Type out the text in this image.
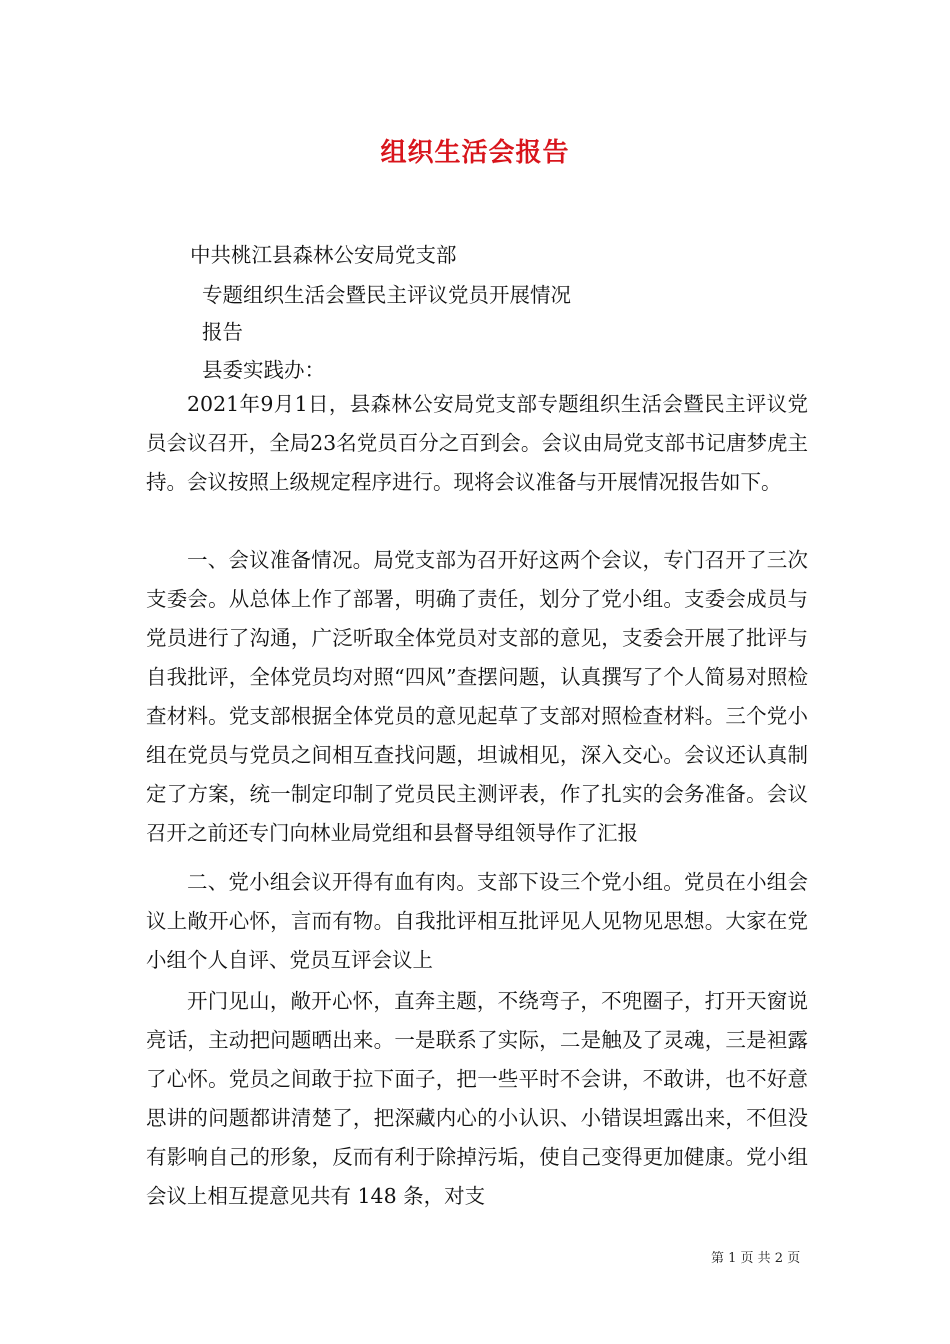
组织生活会报告
中共桃江县森林公安局党支部
专题组织生活会暨民主评议党员开展情况
报告
县委实践办：

2021年9月1日，县森林公安局党支部专题组织生活会暨民主评议党员会议召开，全局23名党员百分之百到会。会议由局党支部书记唐梦虎主持。会议按照上级规定程序进行。现将会议准备与开展情况报告如下。

一、会议准备情况。局党支部为召开好这两个会议，专门召开了三次支委会。从总体上作了部署，明确了责任，划分了党小组。支委会成员与党员进行了沟通，广泛听取全体党员对支部的意见，支委会开展了批评与自我批评，全体党员均对照“四风”查摆问题，认真撰写了个人简易对照检查材料。党支部根据全体党员的意见起草了支部对照检查材料。三个党小组在党员与党员之间相互查找问题，坦诚相见，深入交心。会议还认真制定了方案，统一制定印制了党员民主测评表，作了扎实的会务准备。会议召开之前还专门向林业局党组和县督导组领导作了汇报

二、党小组会议开得有血有肉。支部下设三个党小组。党员在小组会议上敞开心怀，言而有物。自我批评相互批评见人见物见思想。大家在党小组个人自评、党员互评会议上

开门见山，敞开心怀，直奔主题，不绕弯子，不兜圈子，打开天窗说亮话，主动把问题晒出来。一是联系了实际，二是触及了灵魂，三是袒露了心怀。党员之间敢于拉下面子，把一些平时不会讲，不敢讲，也不好意思讲的问题都讲清楚了，把深藏内心的小认识、小错误坦露出来，不但没有影响自己的形象，反而有利于除掉污垢，使自己变得更加健康。党小组会议上相互提意见共有 148 条，对支

第 1 页 共 2 页
